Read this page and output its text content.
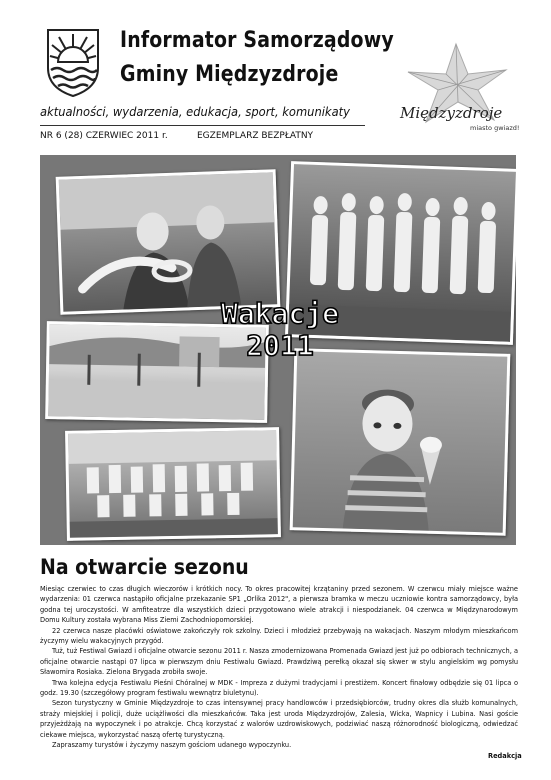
Informator Samorządowy
Gminy Międzyzdroje
aktualności, wydarzenia, edukacja, sport, komunikaty
NR 6 (28) CZERWIEC 2011 r.	EGZEMPLARZ BEZPŁATNY
Międzyzdroje
miasto gwiazd!
Wakacje
2011
Na otwarcie sezonu

Miesiąc czerwiec to czas długich wieczorów i krótkich nocy. To okres pracowitej krzątaniny przed sezonem. W czerwcu miały miejsce ważne wydarzenia: 01 czerwca nastąpiło oficjalne przekazanie SP1 „Orlika 2012", a pierwsza bramka w meczu uczniowie kontra samorządowcy, była godna tej uroczystości. W amfiteatrze dla wszystkich dzieci przygotowano wiele atrakcji i niespodzianek. 04 czerwca w Międzynarodowym Domu Kultury została wybrana Miss Ziemi Zachodniopomorskiej.

22 czerwca nasze placówki oświatowe zakończyły rok szkolny. Dzieci i młodzież przebywają na wakacjach. Naszym młodym mieszkańcom życzymy wielu wakacyjnych przygód.

Tuż, tuż Festiwal Gwiazd i oficjalne otwarcie sezonu 2011 r. Nasza zmodernizowana Promenada Gwiazd jest już po odbiorach technicznych, a oficjalne otwarcie nastąpi 07 lipca w pierwszym dniu Festiwalu Gwiazd. Prawdziwą perełką okazał się skwer w stylu angielskim wg pomysłu Sławomira Rosiaka. Zielona Brygada zrobiła swoje.

Trwa kolejna edycja Festiwalu Pieśni Chóralnej w MDK - Impreza z dużymi tradycjami i prestiżem. Koncert finałowy odbędzie się 01 lipca o godz. 19.30 (szczegółowy program festiwalu wewnątrz biuletynu).

Sezon turystyczny w Gminie Międzyzdroje to czas intensywnej pracy handlowców i przedsiębiorców, trudny okres dla służb komunalnych, straży miejskiej i policji, duże uciążliwości dla mieszkańców. Taka jest uroda Międzyzdrojów, Zalesia, Wicka, Wapnicy i Lubina. Nasi goście przyjeżdżają na wypoczynek i po atrakcje. Chcą korzystać z walorów uzdrowiskowych, podziwiać naszą różnorodność biologiczną, odwiedzać ciekawe miejsca, wykorzystać naszą ofertę turystyczną.

Zapraszamy turystów i życzymy naszym gościom udanego wypoczynku.

Redakcja
